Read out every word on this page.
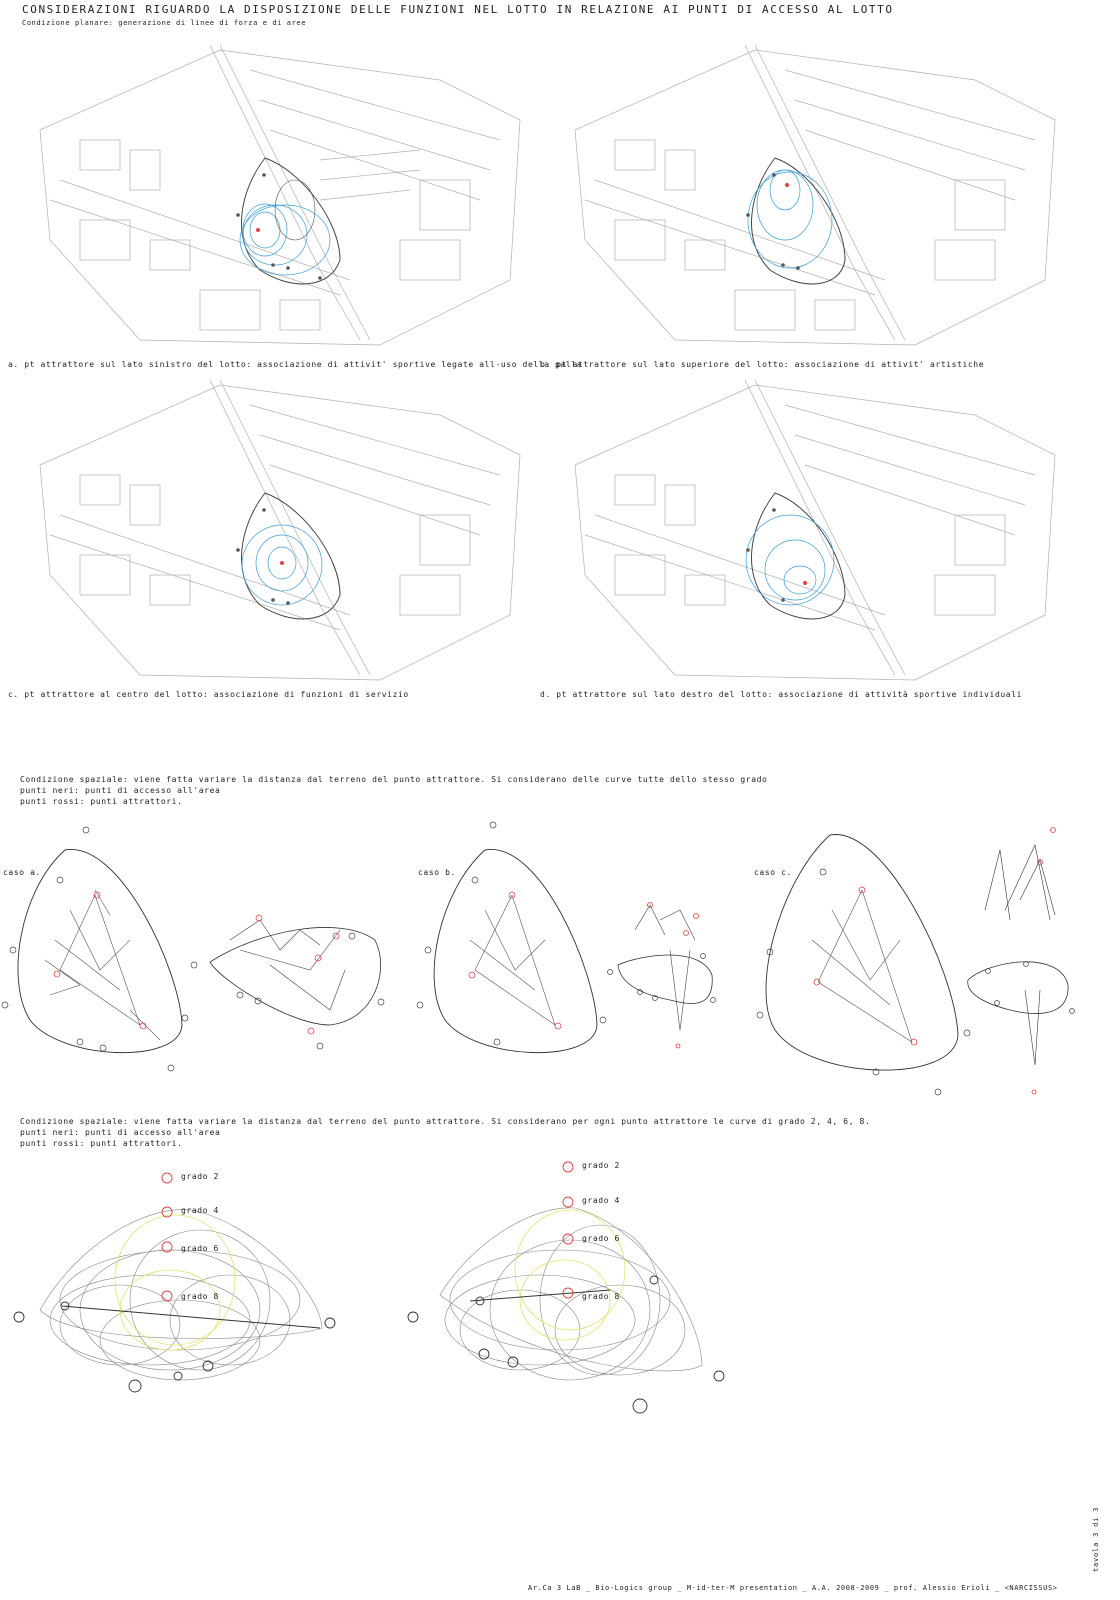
CONSIDERAZIONI RIGUARDO LA DISPOSIZIONE DELLE FUNZIONI NEL LOTTO IN RELAZIONE AI PUNTI DI ACCESSO AL LOTTO
Condizione planare: generazione di linee di forza e di aree
a. pt attrattore sul lato sinistro del lotto: associazione di attivit' sportive legate all-uso della palla
b. pt attrattore sul lato superiore del lotto: associazione di attivit' artistiche
c. pt attrattore al centro del lotto: associazione di funzioni di servizio	d. pt attrattore sul lato destro del lotto: associazione di attività sportive individuali
Condizione spaziale: viene fatta variare la distanza dal terreno del punto attrattore. Si considerano delle curve tutte dello stesso grado
punti neri: punti di accesso all'area
punti rossi: punti attrattori.
caso a.	caso b.	caso c.
Condizione spaziale: viene fatta variare la distanza dal terreno del punto attrattore. Si considerano per ogni punto attrattore le curve di grado 2, 4, 6, 8.
punti neri: punti di accesso all'area
punti rossi: punti attrattori.
grado 2
grado 4
grado 6
grado 8
grado 2
grado 4
grado 6
grado 8
Ar.Ca 3 LaB _ Bio-Logics group _ M-id-ter-M presentation _ A.A. 2008-2009 _ prof. Alessio Erioli _ <NARCISSUS>
tavola 3 di 3
